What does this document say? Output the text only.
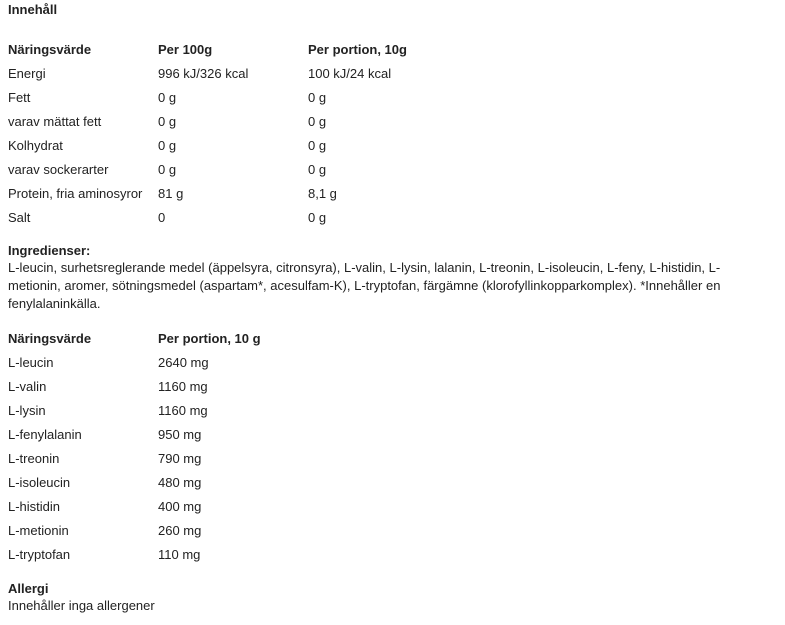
Innehåll
Näringsvärde	Per 100g	Per portion, 10g
Energi	996 kJ/326 kcal	100 kJ/24 kcal
Fett	0 g	0 g
varav mättat fett	0 g	0 g
Kolhydrat	0 g	0 g
varav sockerarter	0 g	0 g
Protein, fria aminosyror	81 g	8,1 g
Salt	0	0 g
Ingredienser:

L-leucin, surhetsreglerande medel (äppelsyra, citronsyra), L-valin, L-lysin, lalanin, L-treonin, L-isoleucin, L-feny, L-histidin, L-metionin, aromer, sötningsmedel (aspartam*, acesulfam-K), L-tryptofan, färgämne (klorofyllinkopparkomplex). *Innehåller en fenylalaninkälla.

Näringsvärde	Per portion, 10 g
L-leucin	2640 mg
L-valin	1160 mg
L-lysin	1160 mg
L-fenylalanin	950 mg
L-treonin	790 mg
L-isoleucin	480 mg
L-histidin	400 mg
L-metionin	260 mg
L-tryptofan	110 mg
Allergi

Innehåller inga allergener
